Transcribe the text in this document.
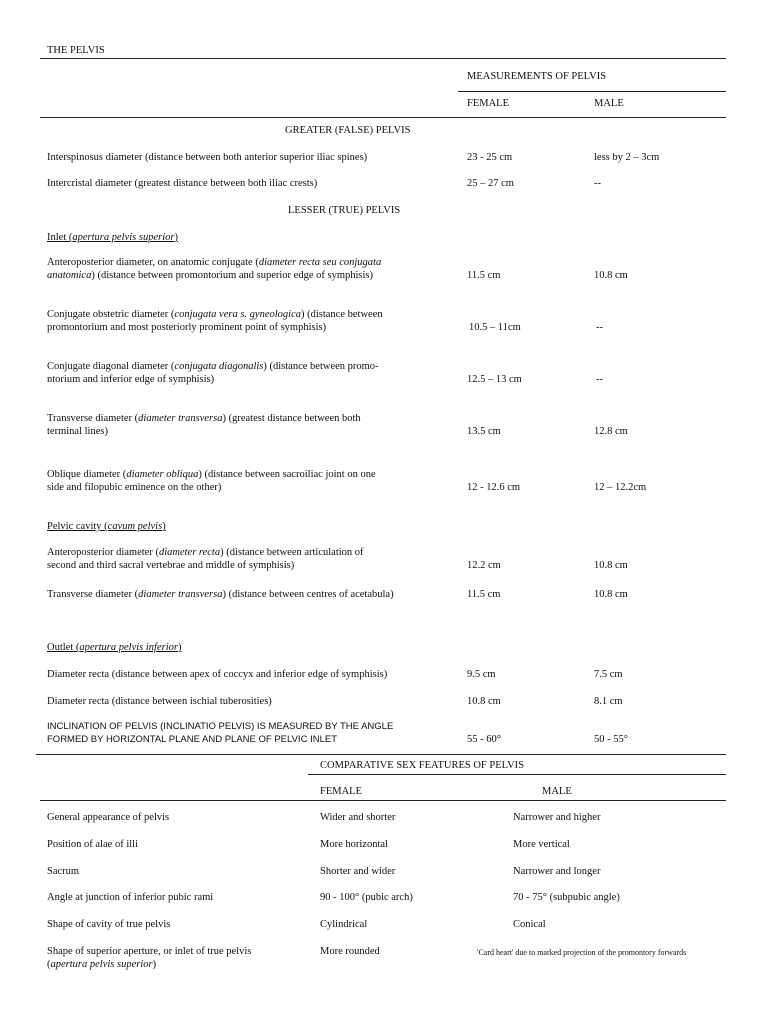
THE PELVIS
MEASUREMENTS OF PELVIS
FEMALE	MALE
GREATER (FALSE) PELVIS
Interspinosus diameter (distance between both anterior superior iliac spines)	23 - 25 cm	less by 2 – 3cm
Intercristal diameter (greatest distance between both iliac crests)	25 – 27 cm	--
LESSER (TRUE) PELVIS
Inlet (apertura pelvis superior)
Anteroposterior diameter, on anatomic conjugate (diameter recta seu conjugata
anatomica) (distance between promontorium and superior edge of symphisis)	11.5 cm	10.8 cm
Conjugate obstetric diameter (conjugata vera s. gyneologica) (distance between
promontorium and most posteriorly prominent point of symphisis)	10.5 – 11cm	--
Conjugate diagonal diameter (conjugata diagonalis) (distance between promo-
ntorium and inferior edge of symphisis)	12.5 – 13 cm	--
Transverse diameter (diameter transversa) (greatest distance between both
terminal lines)	13.5 cm	12.8 cm
Oblique diameter (diameter obliqua) (distance between sacroiliac joint on one
side and filopubic eminence on the other)	12 - 12.6 cm	12 – 12.2cm
Pelvic cavity (cavum pelvis)
Anteroposterior diameter (diameter recta) (distance between articulation of
second and third sacral vertebrae and middle of symphisis)	12.2 cm	10.8 cm
Transverse diameter (diameter transversa) (distance between centres of acetabula)	11.5 cm	10.8 cm
Outlet (apertura pelvis inferior)
Diameter recta (distance between apex of coccyx and inferior edge of symphisis)	9.5 cm	7.5 cm
Diameter recta (distance between ischial tuberosities)	10.8 cm	8.1 cm
INCLINATION OF PELVIS (INCLINATIO PELVIS) IS MEASURED BY THE ANGLE
FORMED BY HORIZONTAL PLANE AND PLANE OF PELVIC INLET	55 - 60°	50 - 55°
COMPARATIVE SEX FEATURES OF PELVIS
FEMALE	MALE
General appearance of pelvis	Wider and shorter	Narrower and higher
Position of alae of illi	More horizontal	More vertical
Sacrum	Shorter and wider	Narrower and longer
Angle at junction of inferior pubic rami	90 - 100° (pubic arch)	70 - 75° (subpubic angle)
Shape of cavity of true pelvis	Cylindrical	Conical
Shape of superior aperture, or inlet of true pelvis
(apertura pelvis superior)
More rounded	'Card heart' due to marked projection of the promontory forwards
